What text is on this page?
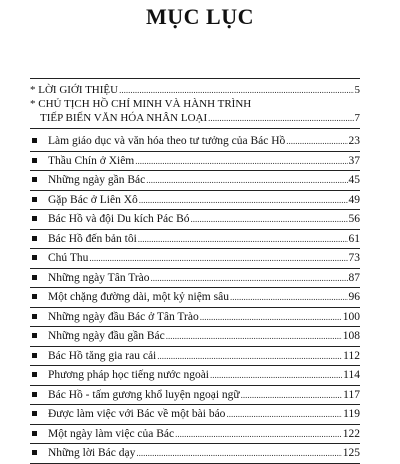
MỤC LỤC
* LỜI GIỚI THIỆU .....	5
* CHỦ TỊCH HỒ CHÍ MINH VÀ HÀNH TRÌNH
TIẾP BIẾN VĂN HÓA NHÂN LOẠI .....	7
Làm giáo dục và văn hóa theo tư tưởng của Bác Hồ .....	23
Thầu Chín ở Xiêm .....	37
Những ngày gần Bác .....	45
Gặp Bác ở Liên Xô .....	49
Bác Hồ và đội Du kích Pác Bó .....	56
Bác Hồ đến bản tôi .....	61
Chú Thu .....	73
Những ngày Tân Trào .....	87
Một chặng đường dài, một kỷ niệm sâu .....	96
Những ngày đầu Bác ở Tân Trào .....	100
Những ngày đầu gần Bác .....	108
Bác Hồ tăng gia rau cải .....	112
Phương pháp học tiếng nước ngoài .....	114
Bác Hồ - tấm gương khổ luyện ngoại ngữ .....	117
Được làm việc với Bác về một bài báo .....	119
Một ngày làm việc của Bác .....	122
Những lời Bác dạy .....	125
